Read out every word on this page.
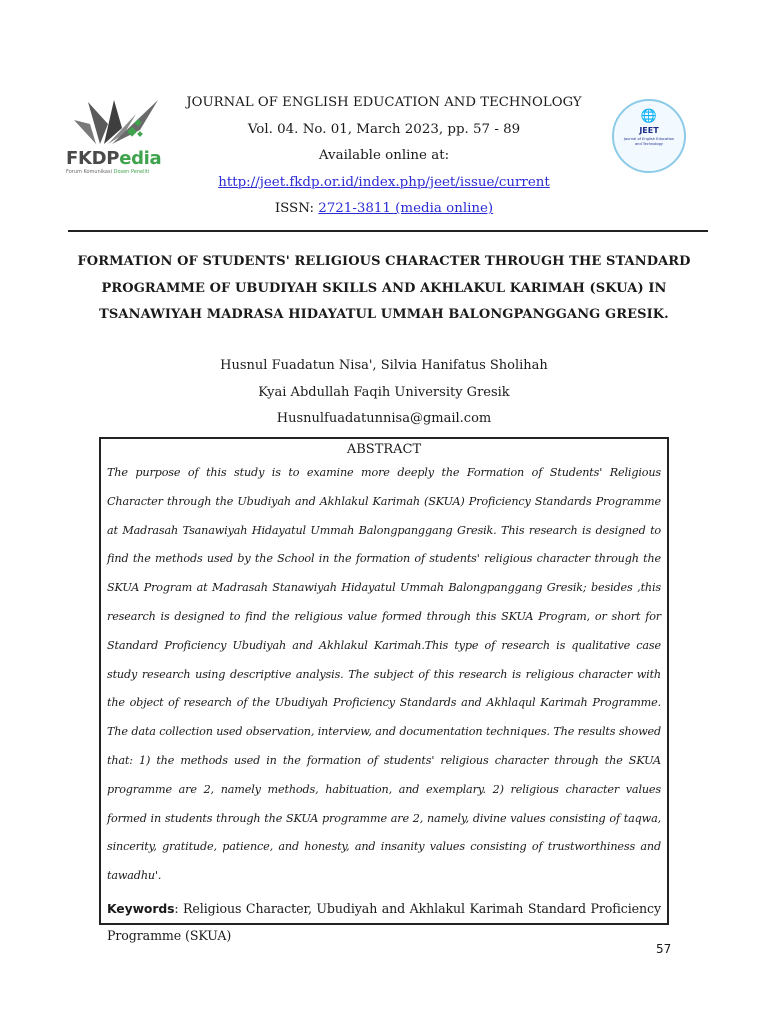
FKDPedia
Forum Komunikasi Dosen Peneliti
JOURNAL OF ENGLISH EDUCATION AND TECHNOLOGY
Vol. 04. No. 01, March 2023, pp. 57 - 89
Available online at:
http://jeet.fkdp.or.id/index.php/jeet/issue/current
ISSN: 2721-3811 (media online)
🌐
JEET
Journal of English Education and Technology
FORMATION OF STUDENTS' RELIGIOUS CHARACTER THROUGH THE STANDARD PROGRAMME OF UBUDIYAH SKILLS AND AKHLAKUL KARIMAH (SKUA) IN TSANAWIYAH MADRASA HIDAYATUL UMMAH BALONGPANGGANG GRESIK.
Husnul Fuadatun Nisa', Silvia Hanifatus Sholihah
Kyai Abdullah Faqih University Gresik
Husnulfuadatunnisa@gmail.com
ABSTRACT
The purpose of this study is to examine more deeply the Formation of Students' Religious Character through the Ubudiyah and Akhlakul Karimah (SKUA) Proficiency Standards Programme at Madrasah Tsanawiyah Hidayatul Ummah Balongpanggang Gresik. This research is designed to find the methods used by the School in the formation of students' religious character through the SKUA Program at Madrasah Stanawiyah Hidayatul Ummah Balongpanggang Gresik; besides ,this research is designed to find the religious value formed through this SKUA Program, or short for Standard Proficiency Ubudiyah and Akhlakul Karimah.This type of research is qualitative case study research using descriptive analysis. The subject of this research is religious character with the object of research of the Ubudiyah Proficiency Standards and Akhlaqul Karimah Programme. The data collection used observation, interview, and documentation techniques. The results showed that: 1) the methods used in the formation of students' religious character through the SKUA programme are 2, namely methods, habituation, and exemplary. 2) religious character values formed in students through the SKUA programme are 2, namely, divine values consisting of taqwa, sincerity, gratitude, patience, and honesty, and insanity values consisting of trustworthiness and tawadhu'.
Keywords: Religious Character, Ubudiyah and Akhlakul Karimah Standard Proficiency Programme (SKUA)
57
